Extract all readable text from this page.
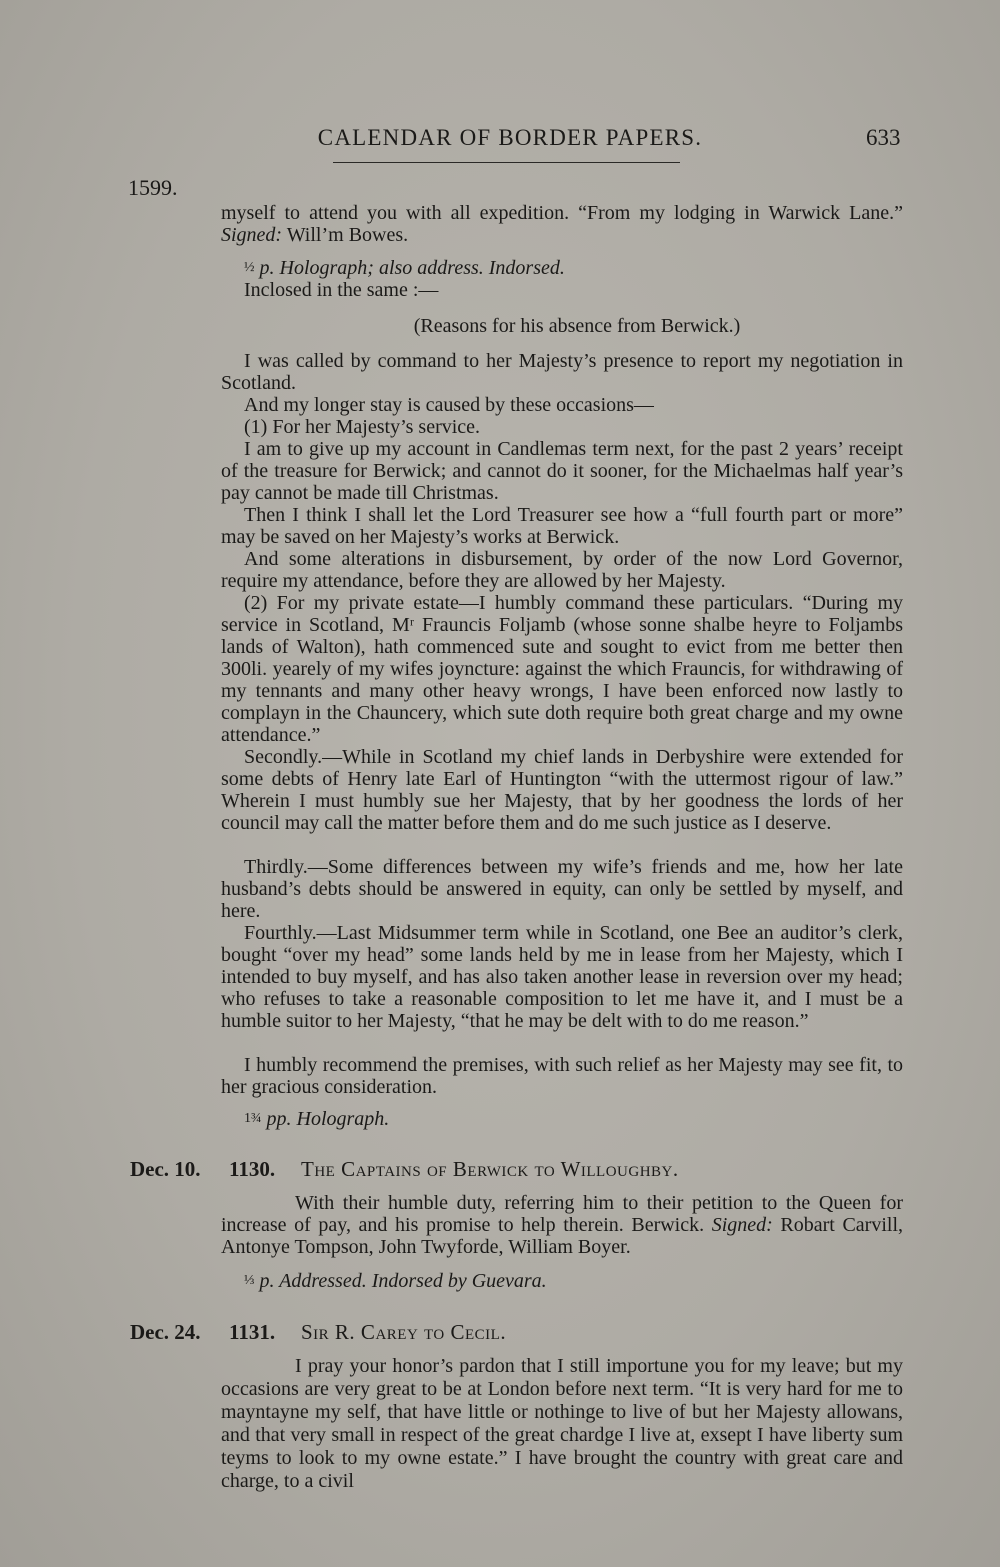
CALENDAR OF BORDER PAPERS.	633
1599.

myself to attend you with all expedition. “From my lodging in Warwick Lane.” Signed: Will’m Bowes.

½ p. Holograph; also address. Indorsed.

Inclosed in the same :—

(Reasons for his absence from Berwick.)

I was called by command to her Majesty’s presence to report my negotiation in Scotland.

And my longer stay is caused by these occasions—

(1) For her Majesty’s service.

I am to give up my account in Candlemas term next, for the past 2 years’ receipt of the treasure for Berwick; and cannot do it sooner, for the Michaelmas half year’s pay cannot be made till Christmas.

Then I think I shall let the Lord Treasurer see how a “full fourth part or more” may be saved on her Majesty’s works at Berwick.

And some alterations in disbursement, by order of the now Lord Governor, require my attendance, before they are allowed by her Majesty.

(2) For my private estate—I humbly command these particulars. “During my service in Scotland, Mʳ Frauncis Foljamb (whose sonne shalbe heyre to Foljambs lands of Walton), hath commenced sute and sought to evict from me better then 300li. yearely of my wifes joyncture: against the which Frauncis, for withdrawing of my tennants and many other heavy wrongs, I have been enforced now lastly to complayn in the Chauncery, which sute doth require both great charge and my owne attendance.”

Secondly.—While in Scotland my chief lands in Derbyshire were extended for some debts of Henry late Earl of Huntington “with the uttermost rigour of law.” Wherein I must humbly sue her Majesty, that by her goodness the lords of her council may call the matter before them and do me such justice as I deserve.

Thirdly.—Some differences between my wife’s friends and me, how her late husband’s debts should be answered in equity, can only be settled by myself, and here.

Fourthly.—Last Midsummer term while in Scotland, one Bee an auditor’s clerk, bought “over my head” some lands held by me in lease from her Majesty, which I intended to buy myself, and has also taken another lease in reversion over my head; who refuses to take a reasonable composition to let me have it, and I must be a humble suitor to her Majesty, “that he may be delt with to do me reason.”

I humbly recommend the premises, with such relief as her Majesty may see fit, to her gracious consideration.

1¾ pp. Holograph.

Dec. 10. 1130. The Captains of Berwick to Willoughby.

With their humble duty, referring him to their petition to the Queen for increase of pay, and his promise to help therein. Berwick. Signed: Robart Carvill, Antonye Tompson, John Twyforde, William Boyer.

⅓ p. Addressed. Indorsed by Guevara.

Dec. 24. 1131. Sir R. Carey to Cecil.

I pray your honor’s pardon that I still importune you for my leave; but my occasions are very great to be at London before next term. “It is very hard for me to mayntayne my self, that have little or nothinge to live of but her Majesty allowans, and that very small in respect of the great chardge I live at, exsept I have liberty sum teyms to look to my owne estate.” I have brought the country with great care and charge, to a civil
